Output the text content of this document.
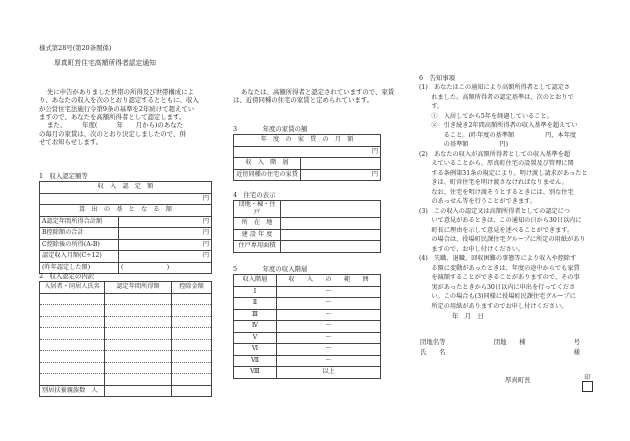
様式第28号(第20条関係)
厚真町営住宅高額所得者認定通知
先に申告がありました世帯の所得及び世帯構成によ
り、あなたの収入を次のとおり認定するとともに、収入
が公営住宅法施行令第9条の基準を2年続けて超えてい
ますので、あなたを高額所得者として認定します。
また、　　　年度(　　　年　　月から)のあなた
の毎月の家賃は、次のとおり決定しましたので、併
せてお知らせします。
1　収入認定額等
収　入　認　定　額	
円	
算　出　の　基　と　な　る　額	
A認定年間所得合計額	円
B控除額の合計	円
C控除後の所得(A-B)	円
認定収入月額(C÷12)	円
(昨年認定した額)	(　　　　　　　)
2　収入認定の内訳
入居者・同居人氏名	認定年間所得額	控除金額

別居扶養親族数　人		
あなたは、高額所得者と認定されていますので、家賃
は、近傍同種の住宅の家賃と定められています。
3　　　　年度の家賃の額
年　度　の　家　賃　の　月　額	
円	
収　入　階　層	
近傍同種の住宅の家賃	円
4　住宅の表示
団地・棟・住戸	
所　在　地	
建 設 年 度	
住戸専用面積	
5　　　　年度の収入階層
収入階層	収　　入　　の　　範　　囲
Ⅰ	～
Ⅱ	～
Ⅲ	～
Ⅳ	～
Ⅴ	～
Ⅵ	～
Ⅶ	～
Ⅷ	以上
6　告知事項
(1)　あなたはこの通知により高額所得者として認定さ
　　れました。高額所得者の認定基準は、次のとおりで
　　す。
　　①　入居してから5年を経過していること。
　　②　引き続き2年間高額所得者の収入基準を超えてい
　　　　ること。(昨年度の基準額　　　　　円、本年度
　　　　の基準額　　　　　円)
(2)　あなたの収入が高額所得者としての収入基準を超
　　えていることから、厚真町住宅の設置及び管理に関
　　する条例第31条の規定により、明け渡し請求があったと
　　きは、町営住宅を明け渡さなければなりません。
　　なお、住宅を明け渡そうとするときには、別な住宅
　　のあっせん等を行うことができます。
(3)　この収入の認定又は高額所得者としての認定につ
　　いて意見があるときは、この通知の日から30日以内に
　　町長に理由を示して意見を述べることができます。
　　の場合は、役場町民課住宅グループに所定の用紙があり
　　ますので、お申し付けください。
(4)　失職、退職、回収困難の事態等により収入や控除す
　　る額に変動があったときは、年度の途中からでも家賃
　　を減額することができることがありますので、その事
　　実があったときから30日以内に申出を行ってくださ
　　い。この場合も(3)同様に役場町民課住宅グループに
　　所定の用紙がありますのでお申し付けください。
年　月　日
団地名等	団地　　棟	号
氏　　名	様
厚真町長	印
